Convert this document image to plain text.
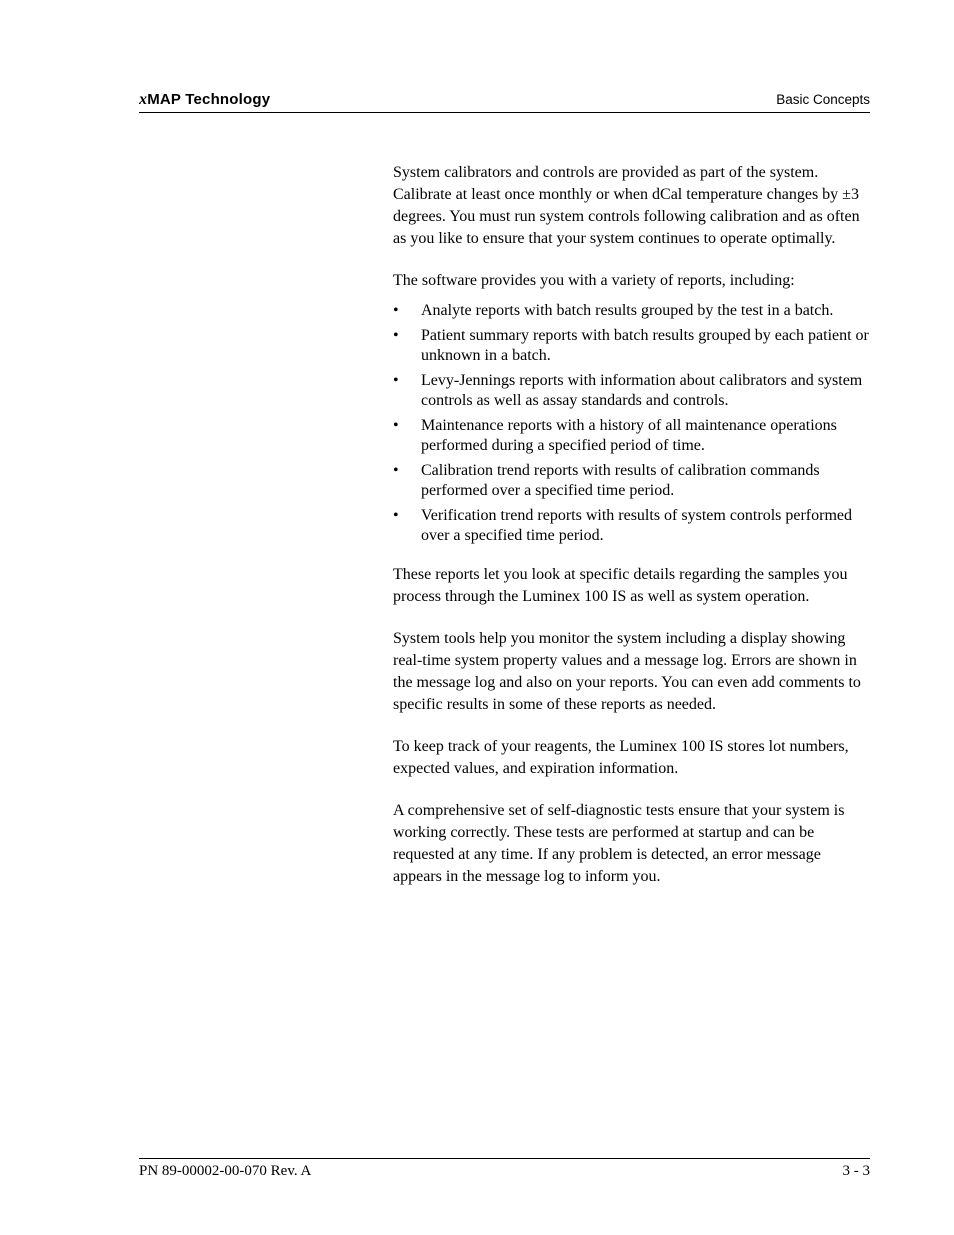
xMAP Technology	Basic Concepts

System calibrators and controls are provided as part of the system. Calibrate at least once monthly or when dCal temperature changes by ±3 degrees. You must run system controls following calibration and as often as you like to ensure that your system continues to operate optimally.

The software provides you with a variety of reports, including:

• Analyte reports with batch results grouped by the test in a batch.
• Patient summary reports with batch results grouped by each patient or unknown in a batch.
• Levy-Jennings reports with information about calibrators and system controls as well as assay standards and controls.
• Maintenance reports with a history of all maintenance operations performed during a specified period of time.
• Calibration trend reports with results of calibration commands performed over a specified time period.
• Verification trend reports with results of system controls performed over a specified time period.

These reports let you look at specific details regarding the samples you process through the Luminex 100 IS as well as system operation.

System tools help you monitor the system including a display showing real-time system property values and a message log. Errors are shown in the message log and also on your reports. You can even add comments to specific results in some of these reports as needed.

To keep track of your reagents, the Luminex 100 IS stores lot numbers, expected values, and expiration information.

A comprehensive set of self-diagnostic tests ensure that your system is working correctly. These tests are performed at startup and can be requested at any time. If any problem is detected, an error message appears in the message log to inform you.

PN 89-00002-00-070 Rev. A	3 - 3
